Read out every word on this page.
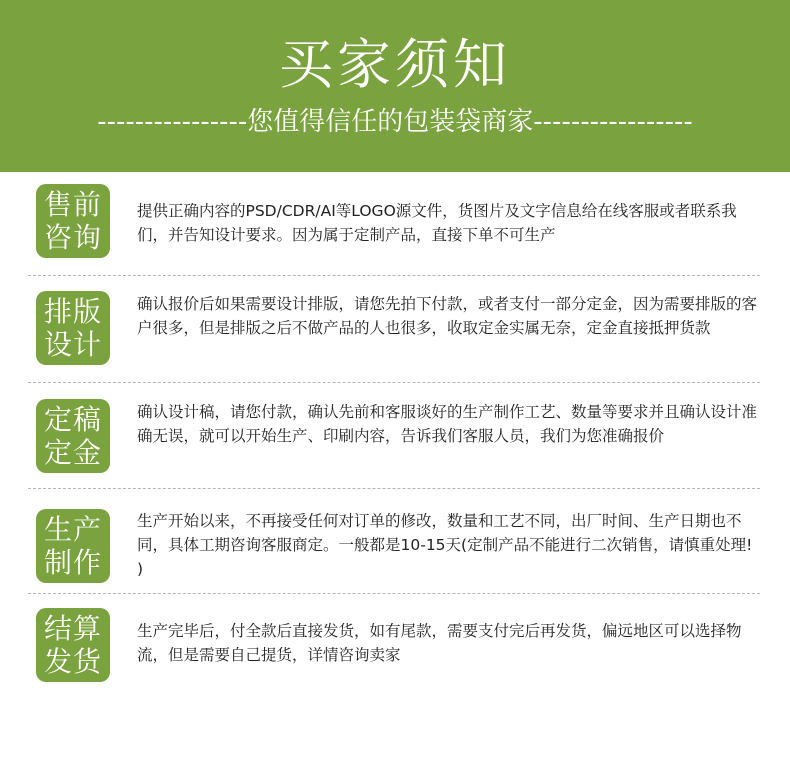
买家须知
----------------您值得信任的包装袋商家-----------------
售前
咨询
提供正确内容的PSD/CDR/AI等LOGO源文件，货图片及文字信息给在线客服或者联系我们，并告知设计要求。因为属于定制产品，直接下单不可生产
排版
设计
确认报价后如果需要设计排版，请您先拍下付款，或者支付一部分定金，因为需要排版的客户很多，但是排版之后不做产品的人也很多，收取定金实属无奈，定金直接抵押货款
定稿
定金
确认设计稿，请您付款，确认先前和客服谈好的生产制作工艺、数量等要求并且确认设计准确无误，就可以开始生产、印刷内容，告诉我们客服人员，我们为您准确报价
生产
制作
生产开始以来，不再接受任何对订单的修改，数量和工艺不同，出厂时间、生产日期也不同，具体工期咨询客服商定。一般都是10-15天(定制产品不能进行二次销售，请慎重处理! )
结算
发货
生产完毕后，付全款后直接发货，如有尾款，需要支付完后再发货，偏远地区可以选择物流，但是需要自己提货，详情咨询卖家
